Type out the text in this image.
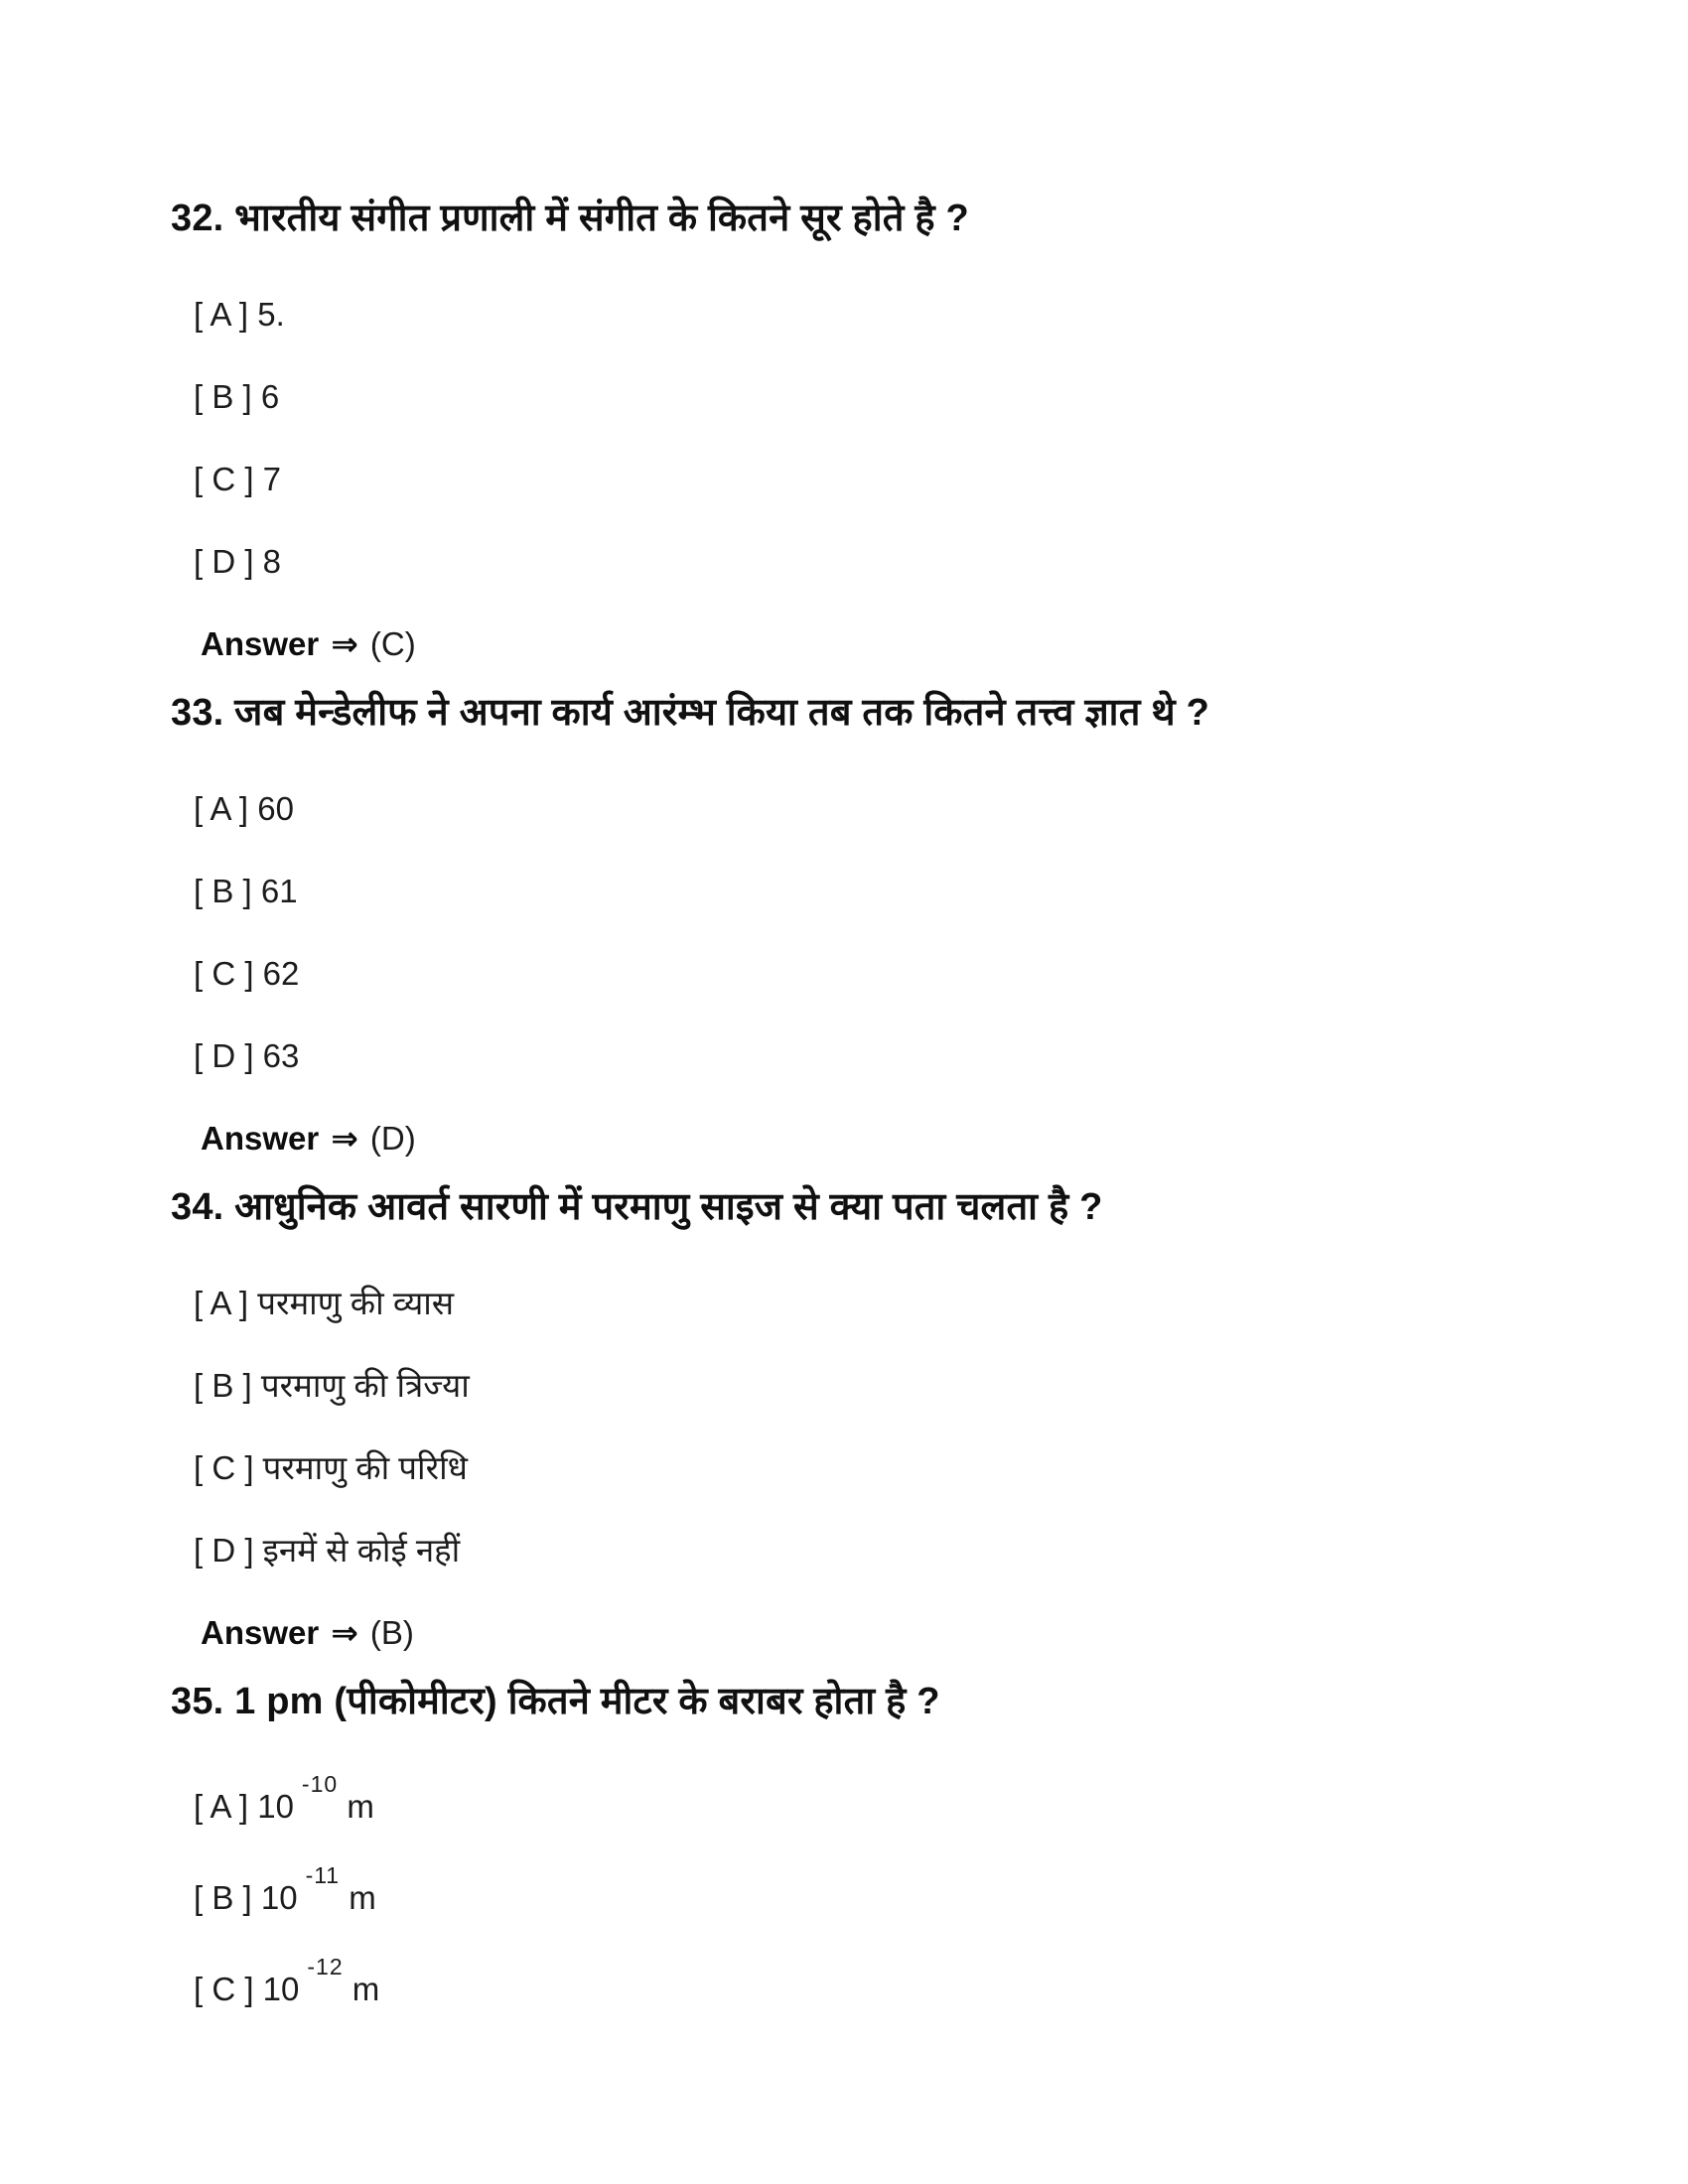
32. भारतीय संगीत प्रणाली में संगीत के कितने सूर होते है ?

[ A ] 5.

[ B ] 6

[ C ] 7

[ D ] 8

Answer ⇒ (C)

33. जब मेन्डेलीफ ने अपना कार्य आरंम्भ किया तब तक कितने तत्त्व ज्ञात थे ?

[ A ] 60

[ B ] 61

[ C ] 62

[ D ] 63

Answer ⇒ (D)

34. आधुनिक आवर्त सारणी में परमाणु साइज से क्या पता चलता है ?

[ A ] परमाणु की व्यास

[ B ] परमाणु की त्रिज्या

[ C ] परमाणु की परिधि

[ D ] इनमें से कोई नहीं

Answer ⇒ (B)

35. 1 pm (पीकोमीटर) कितने मीटर के बराबर होता है ?

[ A ] $10^{-10}$ m

[ B ] $10^{-11}$ m

[ C ] $10^{-12}$ m
